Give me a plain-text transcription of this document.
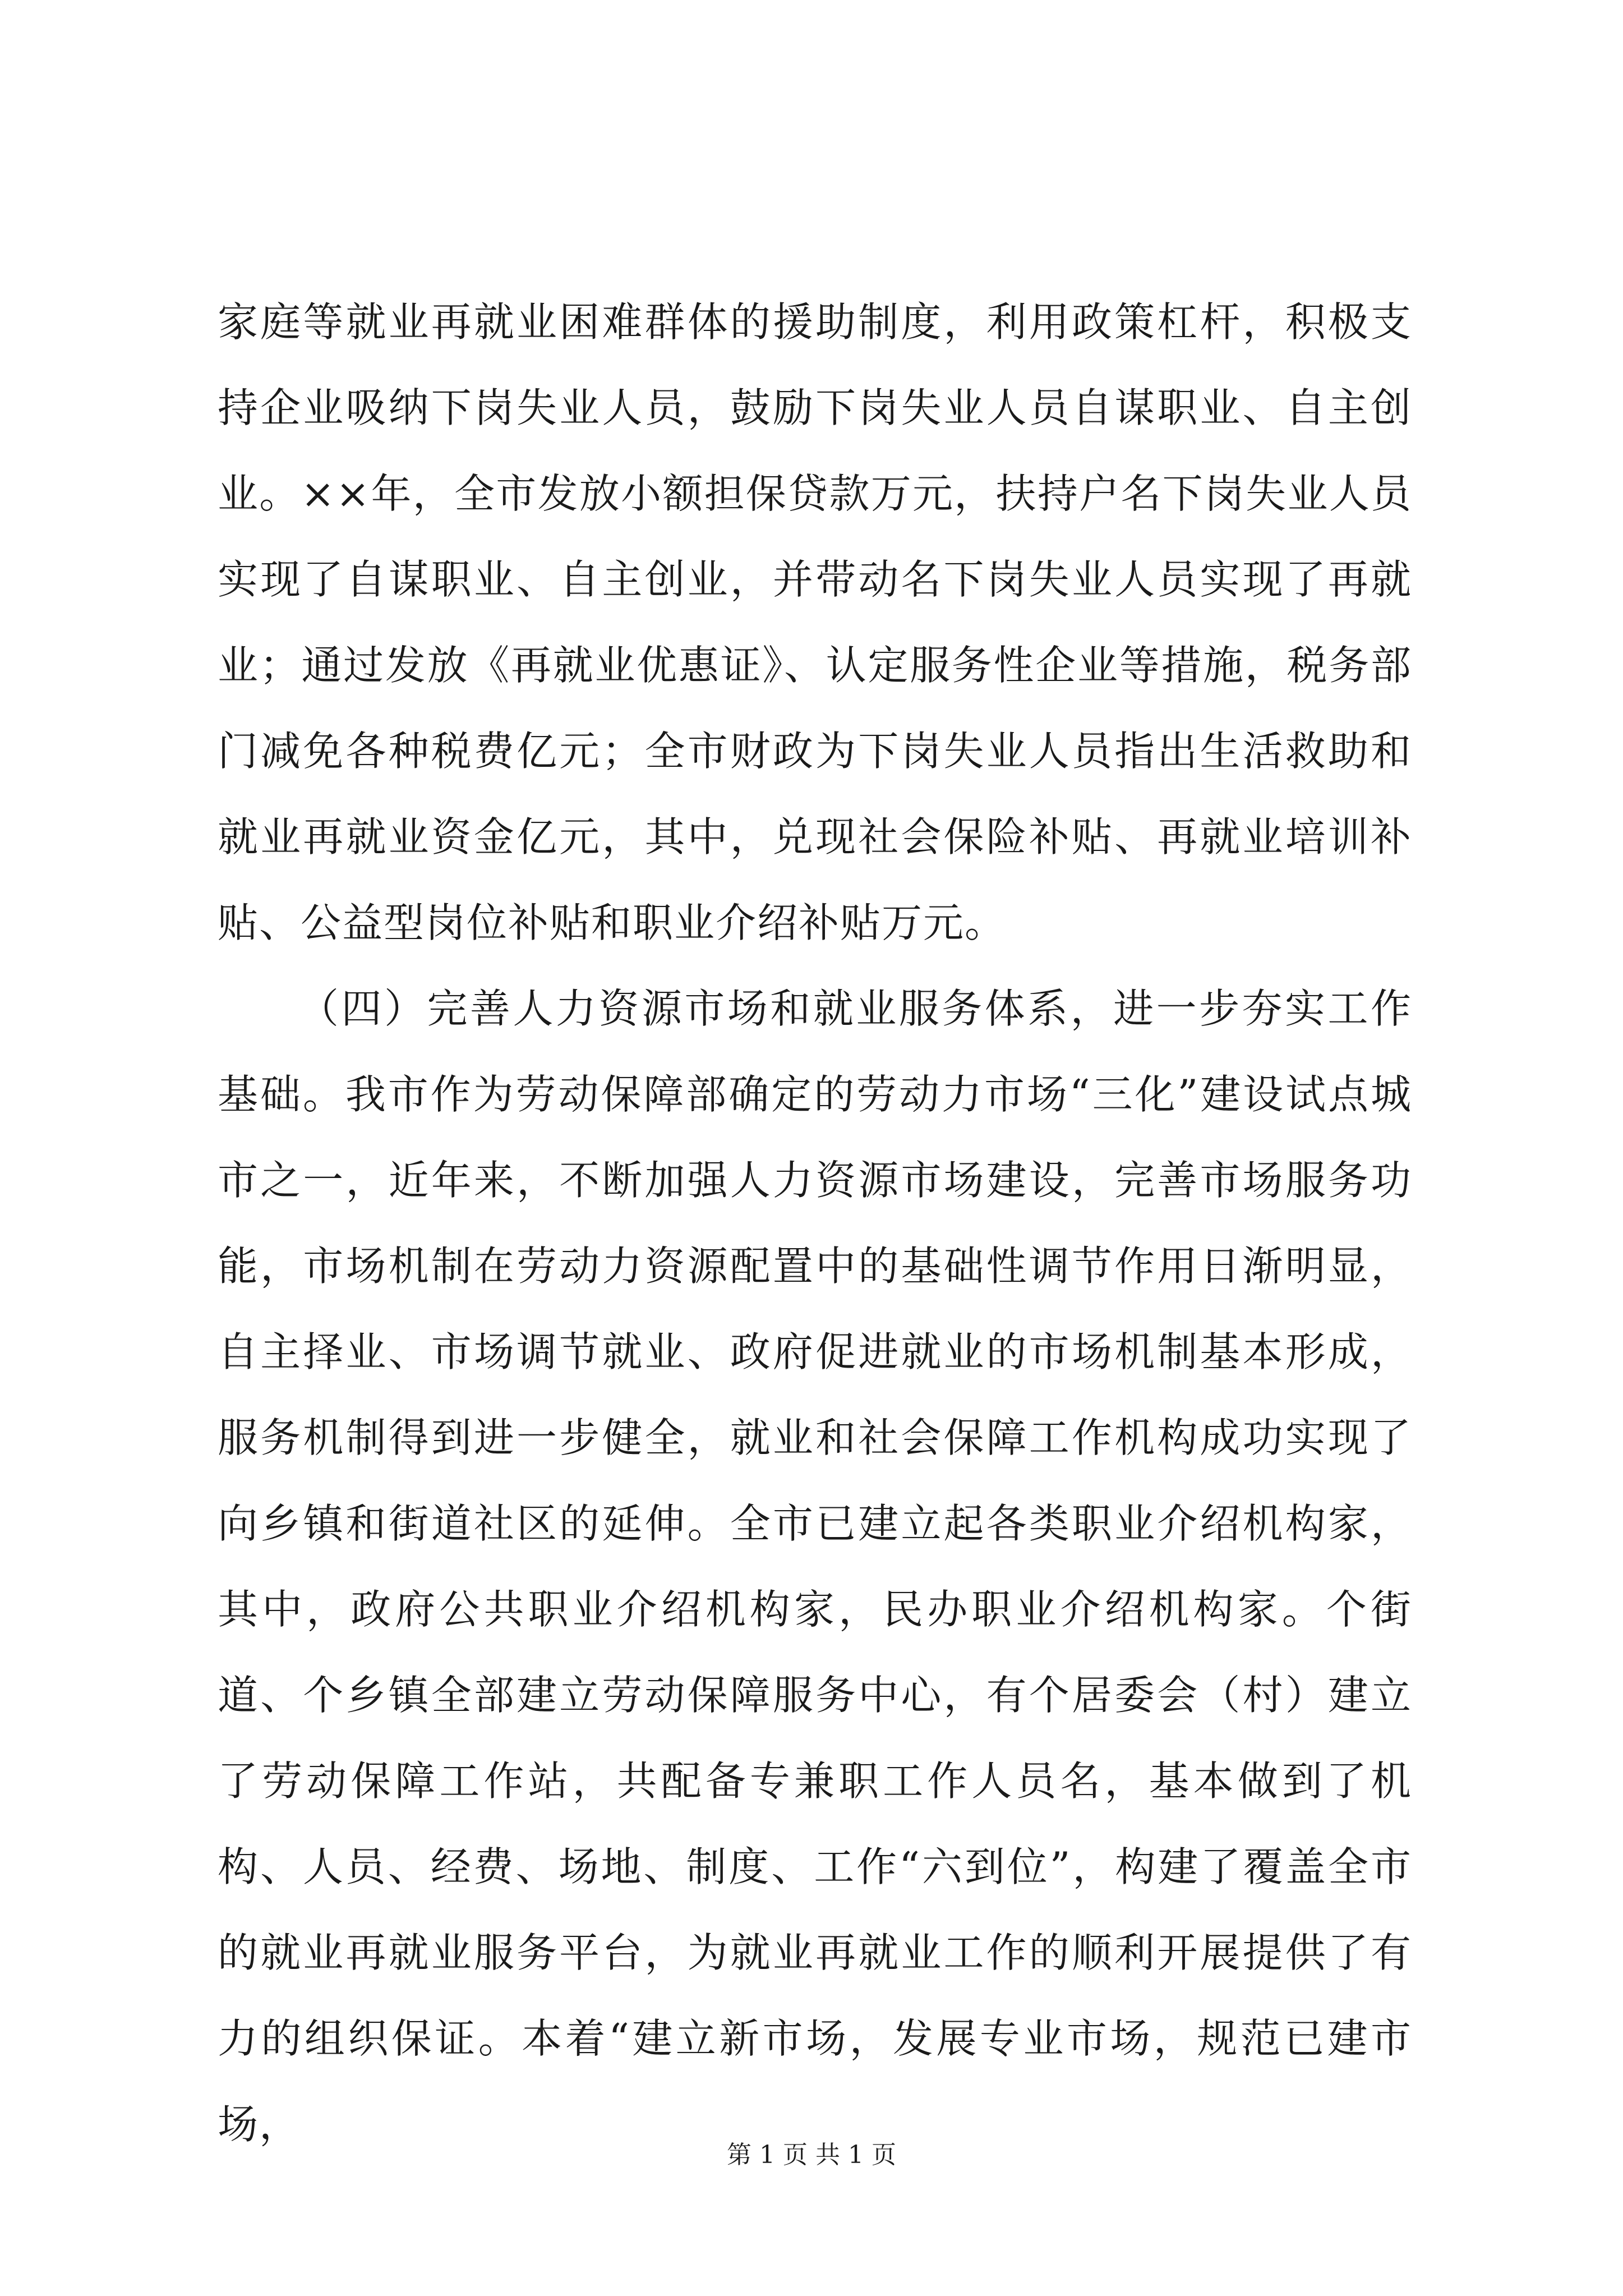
家庭等就业再就业困难群体的援助制度，利用政策杠杆，积极支持企业吸纳下岗失业人员，鼓励下岗失业人员自谋职业、自主创业。××年，全市发放小额担保贷款万元，扶持户名下岗失业人员实现了自谋职业、自主创业，并带动名下岗失业人员实现了再就业；通过发放《再就业优惠证》、认定服务性企业等措施，税务部门减免各种税费亿元；全市财政为下岗失业人员指出生活救助和就业再就业资金亿元，其中，兑现社会保险补贴、再就业培训补贴、公益型岗位补贴和职业介绍补贴万元。

（四）完善人力资源市场和就业服务体系，进一步夯实工作基础。我市作为劳动保障部确定的劳动力市场“三化”建设试点城市之一，近年来，不断加强人力资源市场建设，完善市场服务功能，市场机制在劳动力资源配置中的基础性调节作用日渐明显，自主择业、市场调节就业、政府促进就业的市场机制基本形成，服务机制得到进一步健全，就业和社会保障工作机构成功实现了向乡镇和街道社区的延伸。全市已建立起各类职业介绍机构家，其中，政府公共职业介绍机构家，民办职业介绍机构家。个街道、个乡镇全部建立劳动保障服务中心，有个居委会（村）建立了劳动保障工作站，共配备专兼职工作人员名，基本做到了机构、人员、经费、场地、制度、工作“六到位”，构建了覆盖全市的就业再就业服务平台，为就业再就业工作的顺利开展提供了有力的组织保证。本着“建立新市场，发展专业市场，规范已建市场，

第 1 页 共 1 页
